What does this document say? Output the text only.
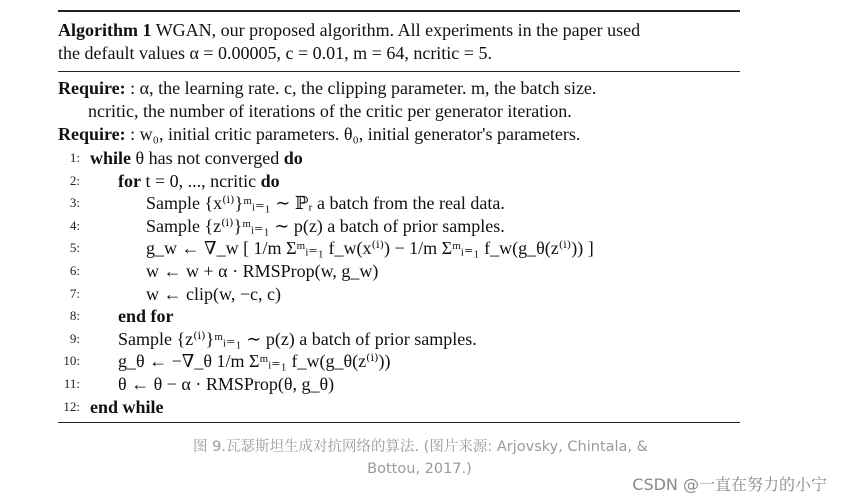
Algorithm 1 WGAN, our proposed algorithm. All experiments in the paper used
the default values α = 0.00005, c = 0.01, m = 64, ncritic = 5.
Require: : α, the learning rate. c, the clipping parameter. m, the batch size.
ncritic, the number of iterations of the critic per generator iteration.
Require: : w₀, initial critic parameters. θ₀, initial generator's parameters.
1: while θ has not converged do
2: for t = 0, ..., ncritic do
3:	Sample {x⁽ⁱ⁾}ᵐᵢ₌₁ ∼ ℙᵣ a batch from the real data.
4:	Sample {z⁽ⁱ⁾}ᵐᵢ₌₁ ∼ p(z) a batch of prior samples.
5:	g_w ← ∇_w [ 1/m Σᵐᵢ₌₁ f_w(x⁽ⁱ⁾) − 1/m Σᵐᵢ₌₁ f_w(g_θ(z⁽ⁱ⁾)) ]
6:	w ← w + α · RMSProp(w, g_w)
7:	w ← clip(w, −c, c)
8: end for
9: Sample {z⁽ⁱ⁾}ᵐᵢ₌₁ ∼ p(z) a batch of prior samples.
10: g_θ ← −∇_θ 1/m Σᵐᵢ₌₁ f_w(g_θ(z⁽ⁱ⁾))
11: θ ← θ − α · RMSProp(θ, g_θ)
12: end while
图 9.瓦瑟斯坦生成对抗网络的算法. (图片来源: Arjovsky, Chintala, &
Bottou, 2017.)
CSDN @一直在努力的小宁
